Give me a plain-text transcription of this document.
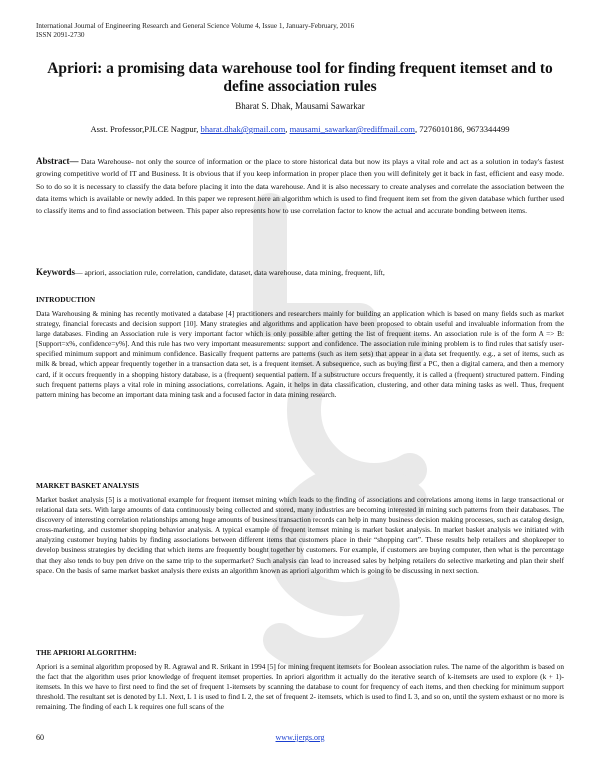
International Journal of Engineering Research and General Science Volume 4, Issue 1, January-February, 2016
ISSN 2091-2730
Apriori: a promising data warehouse tool for finding frequent itemset and to define association rules
Bharat S. Dhak, Mausami Sawarkar
Asst. Professor,PJLCE Nagpur, bharat.dhak@gmail.com, mausami_sawarkar@rediffmail.com, 7276010186, 9673344499
Abstract— Data Warehouse- not only the source of information or the place to store historical data but now its plays a vital role and act as a solution in today's fastest growing competitive world of IT and Business. It is obvious that if you keep information in proper place then you will definitely get it back in fast, efficient and easy mode. So to do so it is necessary to classify the data before placing it into the data warehouse. And it is also necessary to create analyses and correlate the association between the data items which is available or newly added. In this paper we represent here an algorithm which is used to find frequent item set from the given database which further used to classify items and to find association between. This paper also represents how to use correlation factor to know the actual and accurate bonding between items.
Keywords— apriori, association rule, correlation, candidate, dataset, data warehouse, data mining, frequent, lift,
INTRODUCTION
Data Warehousing & mining has recently motivated a database [4] practitioners and researchers mainly for building an application which is based on many fields such as market strategy, financial forecasts and decision support [10]. Many strategies and algorithms and application have been proposed to obtain useful and invaluable information from the large databases. Finding an Association rule is very important factor which is only possible after getting the list of frequent items. An association rule is of the form A => B: [Support=x%, confidence=y%]. And this rule has two very important measurements: support and confidence. The association rule mining problem is to find rules that satisfy user-specified minimum support and minimum confidence. Basically frequent patterns are patterns (such as item sets) that appear in a data set frequently. e.g., a set of items, such as milk & bread, which appear frequently together in a transaction data set, is a frequent itemset. A subsequence, such as buying first a PC, then a digital camera, and then a memory card, if it occurs frequently in a shopping history database, is a (frequent) sequential pattern. If a substructure occurs frequently, it is called a (frequent) structured pattern. Finding such frequent patterns plays a vital role in mining associations, correlations. Again, it helps in data classification, clustering, and other data mining tasks as well. Thus, frequent pattern mining has become an important data mining task and a focused factor in data mining research.
MARKET BASKET ANALYSIS
Market basket analysis [5] is a motivational example for frequent itemset mining which leads to the finding of associations and correlations among items in large transactional or relational data sets. With large amounts of data continuously being collected and stored, many industries are becoming interested in mining such patterns from their databases. The discovery of interesting correlation relationships among huge amounts of business transaction records can help in many business decision making processes, such as catalog design, cross-marketing, and customer shopping behavior analysis. A typical example of frequent itemset mining is market basket analysis. In market basket analysis we initiated with analyzing customer buying habits by finding associations between different items that customers place in their “shopping cart”. These results help retailers and shopkeeper to develop business strategies by deciding that which items are frequently bought together by customers. For example, if customers are buying computer, then what is the percentage that they also tends to buy pen drive on the same trip to the supermarket? Such analysis can lead to increased sales by helping retailers do selective marketing and plan their shelf space. On the basis of same market basket analysis there exists an algorithm known as apriori algorithm which is going to be discussing in next section.
THE APRIORI ALGORITHM:
Apriori is a seminal algorithm proposed by R. Agrawal and R. Srikant in 1994 [5] for mining frequent itemsets for Boolean association rules. The name of the algorithm is based on the fact that the algorithm uses prior knowledge of frequent itemset properties. In apriori algorithm it actually do the iterative search of k-itemsets are used to explore (k + 1)-itemsets. In this we have to first need to find the set of frequent 1-itemsets by scanning the database to count for frequency of each items, and then checking for minimum support threshold. The resultant set is denoted by L1. Next, L 1 is used to find L 2, the set of frequent 2- itemsets, which is used to find L 3, and so on, until the system exhaust or no more is remaining. The finding of each L k requires one full scans of the
60	www.ijergs.org
